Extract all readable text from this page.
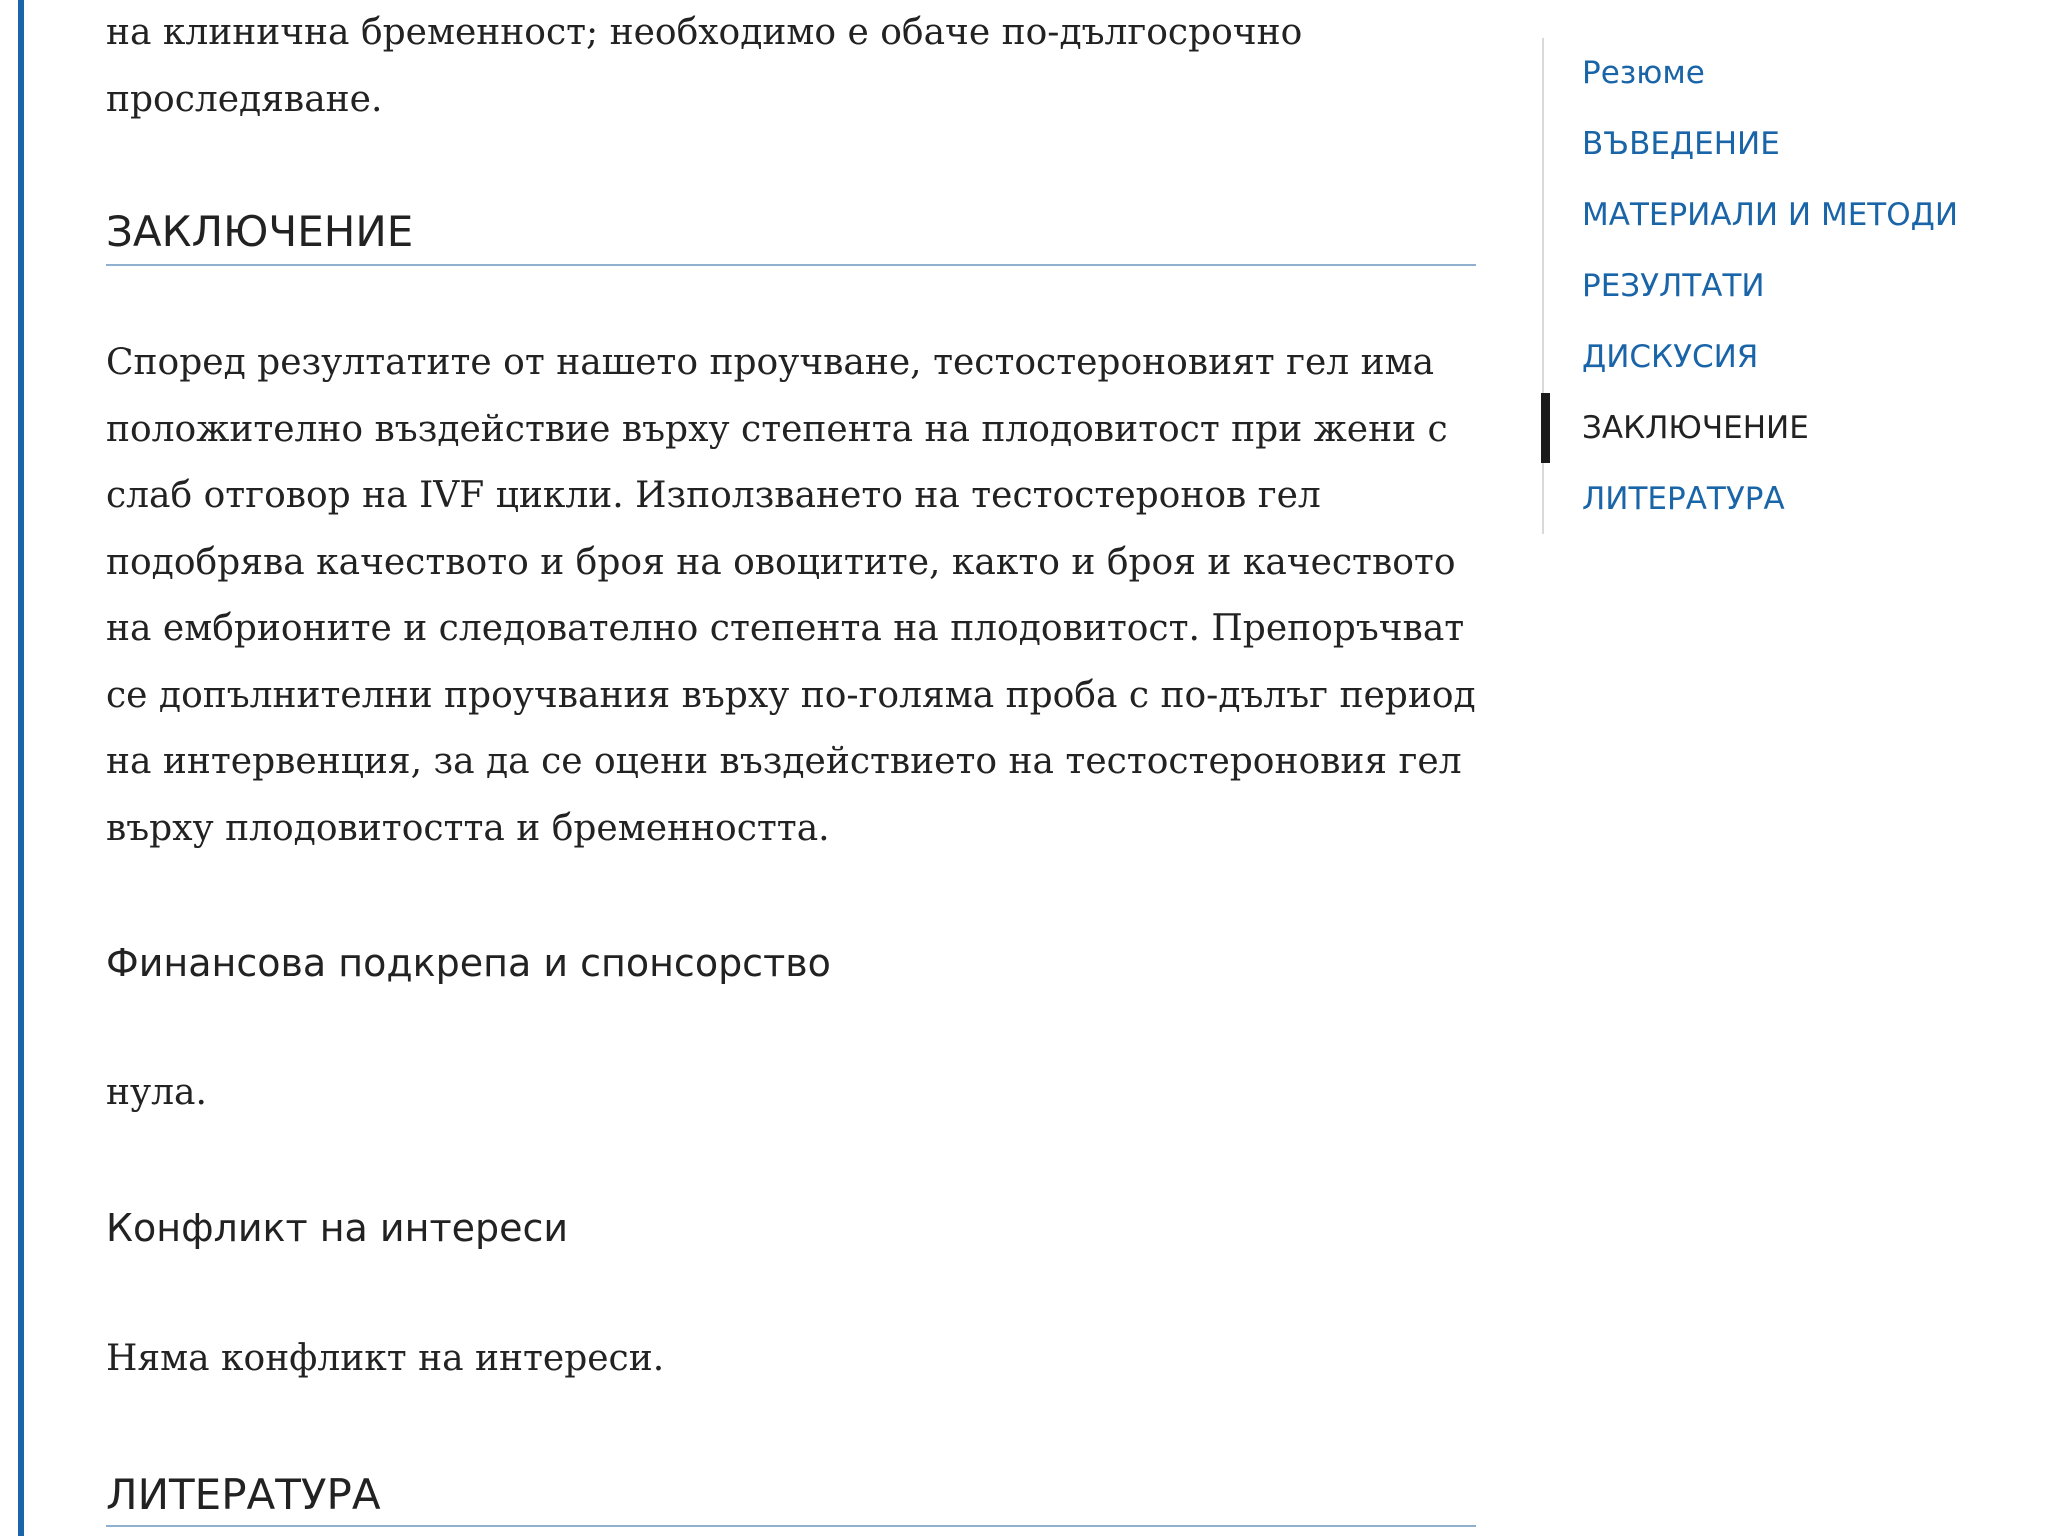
на клинична бременност; необходимо е обаче по-дългосрочно проследяване.

ЗАКЛЮЧЕНИЕ

Според резултатите от нашето проучване, тестостероновият гел има положително въздействие върху степента на плодовитост при жени с слаб отговор на IVF цикли. Използването на тестостеронов гел подобрява качеството и броя на овоцитите, както и броя и качеството на ембрионите и следователно степента на плодовитост. Препоръчват се допълнителни проучвания върху по-голяма проба с по-дълъг период на интервенция, за да се оцени въздействието на тестостероновия гел върху плодовитостта и бременността.

Финансова подкрепа и спонсорство

нула.

Конфликт на интереси

Няма конфликт на интереси.

ЛИТЕРАТУРА
Резюме
ВЪВЕДЕНИЕ
МАТЕРИАЛИ И МЕТОДИ
РЕЗУЛТАТИ
ДИСКУСИЯ
ЗАКЛЮЧЕНИЕ
ЛИТЕРАТУРА
